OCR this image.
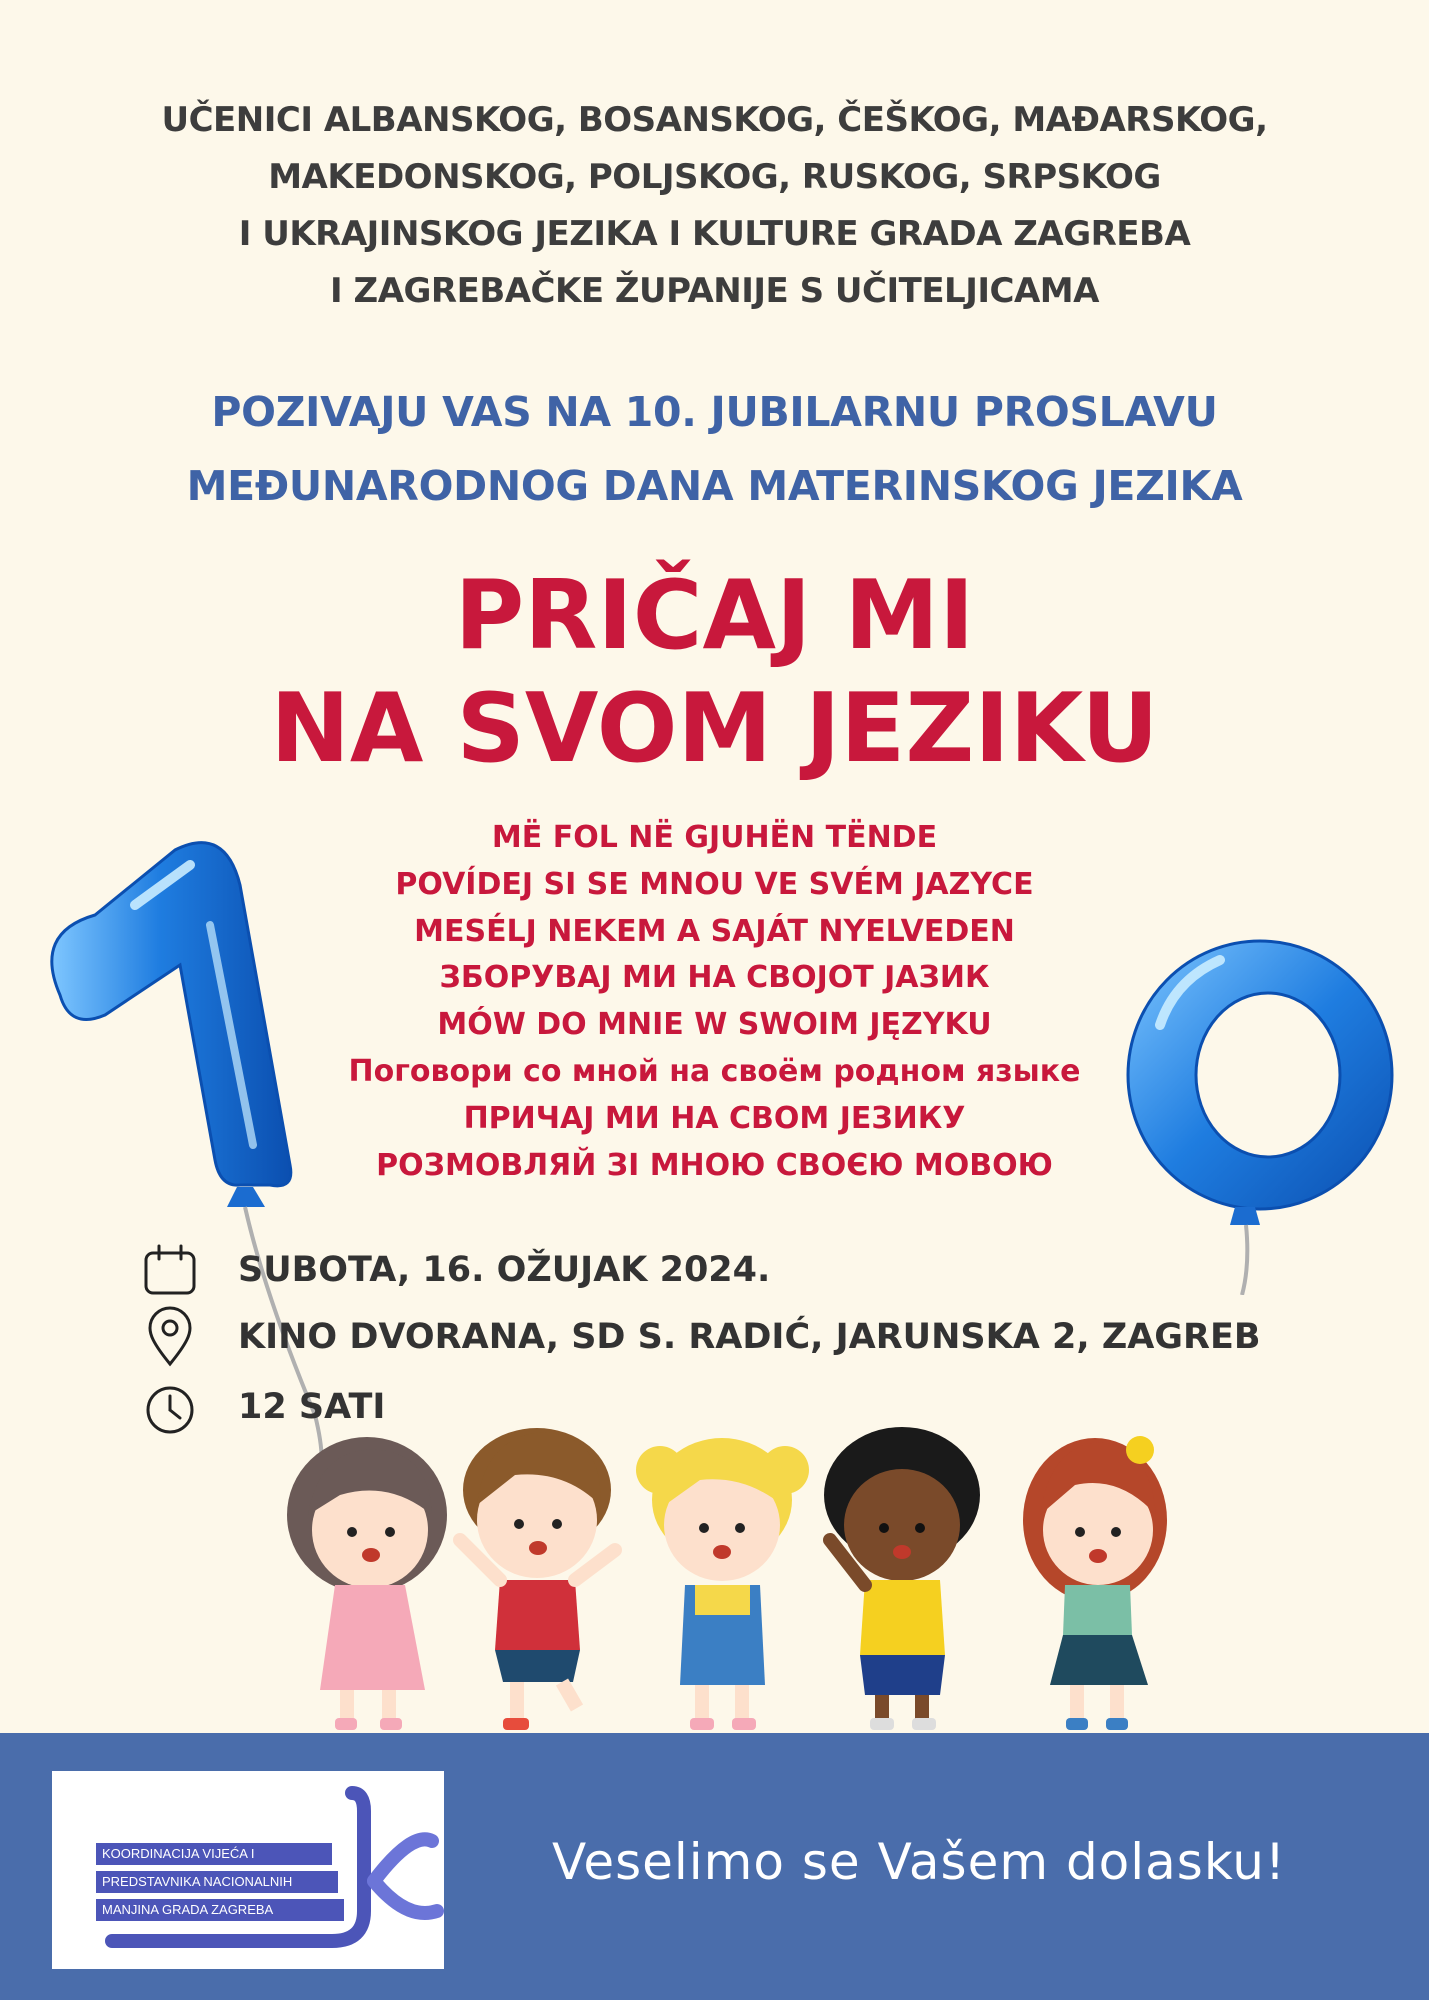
UČENICI ALBANSKOG, BOSANSKOG, ČEŠKOG, MAĐARSKOG,
MAKEDONSKOG, POLJSKOG, RUSKOG, SRPSKOG
I UKRAJINSKOG JEZIKA I KULTURE GRADA ZAGREBA
I ZAGREBAČKE ŽUPANIJE S UČITELJICAMA
POZIVAJU VAS NA 10. JUBILARNU PROSLAVU
MEĐUNARODNOG DANA MATERINSKOG JEZIKA
PRIČAJ MI
NA SVOM JEZIKU
MË FOL NË GJUHËN TËNDE
POVÍDEJ SI SE MNOU VE SVÉM JAZYCE
MESÉLJ NEKEM A SAJÁT NYELVEDEN
ЗБОРУВАЈ МИ НА СВОЈОТ ЈАЗИК
MÓW DO MNIE W SWOIM JĘZYKU
Поговори со мной на своём родном языке
ПРИЧАЈ МИ НА СВОМ ЈЕЗИКУ
РОЗМОВЛЯЙ ЗІ МНОЮ СВОЄЮ МОВОЮ
SUBOTA, 16. OŽUJAK 2024.
KINO DVORANA, SD S. RADIĆ, JARUNSKA 2, ZAGREB
12 SATI
KOORDINACIJA VIJEĆA I
PREDSTAVNIKA NACIONALNIH
MANJINA GRADA ZAGREBA
Veselimo se Vašem dolasku!
